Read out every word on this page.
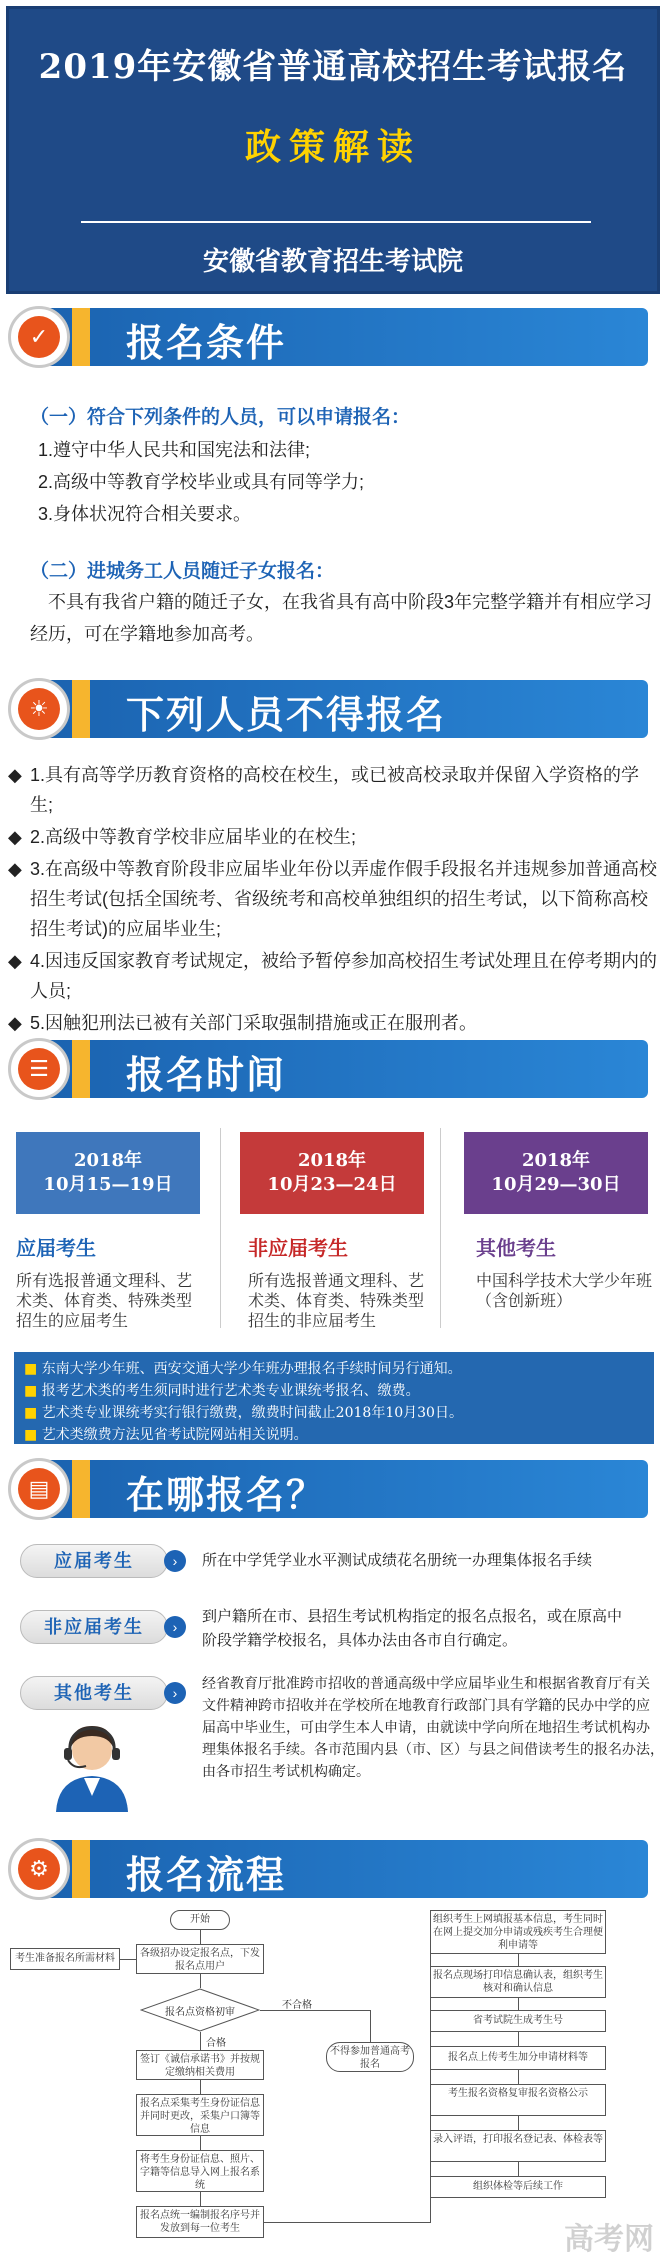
2019年安徽省普通高校招生考试报名
政策解读
安徽省教育招生考试院
✓	报名条件
（一）符合下列条件的人员，可以申请报名：
1.遵守中华人民共和国宪法和法律;
2.高级中等教育学校毕业或具有同等学力;
3.身体状况符合相关要求。
（二）进城务工人员随迁子女报名：
不具有我省户籍的随迁子女，在我省具有高中阶段3年完整学籍并有相应学习
经历，可在学籍地参加高考。
☀ 下列人员不得报名
◆ 1.具有高等学历教育资格的高校在校生，或已被高校录取并保留入学资格的学生;
◆ 2.高级中等教育学校非应届毕业的在校生;
◆ 3.在高级中等教育阶段非应届毕业年份以弄虚作假手段报名并违规参加普通高校
招生考试(包括全国统考、省级统考和高校单独组织的招生考试，以下简称高校
招生考试)的应届毕业生;
◆ 4.因违反国家教育考试规定，被给予暂停参加高校招生考试处理且在停考期内的
人员;
◆ 5.因触犯刑法已被有关部门采取强制措施或正在服刑者。
☰ 报名时间
2018年
10月15—19日
应届考生
所有选报普通文理科、艺
术类、体育类、特殊类型
招生的应届考生
2018年
10月23—24日
非应届考生
所有选报普通文理科、艺
术类、体育类、特殊类型
招生的非应届考生
2018年
10月29—30日
其他考生
中国科学技术大学少年班
（含创新班）
■ 东南大学少年班、西安交通大学少年班办理报名手续时间另行通知。
■ 报考艺术类的考生须同时进行艺术类专业课统考报名、缴费。
■ 艺术类专业课统考实行银行缴费，缴费时间截止2018年10月30日。
■ 艺术类缴费方法见省考试院网站相关说明。
▤ 在哪报名？
应届考生	›	所在中学凭学业水平测试成绩花名册统一办理集体报名手续
非应届考生	›
到户籍所在市、县招生考试机构指定的报名点报名，或在原高中
阶段学籍学校报名，具体办法由各市自行确定。
其他考生	›
经省教育厅批准跨市招收的普通高级中学应届毕业生和根据省教育厅有关
文件精神跨市招收并在学校所在地教育行政部门具有学籍的民办中学的应
届高中毕业生，可由学生本人申请，由就读中学向所在地招生考试机构办
理集体报名手续。各市范围内县（市、区）与县之间借读考生的报名办法，
由各市招生考试机构确定。
⚙ 报名流程
开始
各级招办设定报名点，下发报名点用户
考生准备报名所需材料
报名点资格初审
不合格
不得参加普通高考报名
合格
签订《诚信承诺书》并按规定缴纳相关费用
报名点采集考生身份证信息并同时更改，采集户口簿等信息
将考生身份证信息、照片、字籍等信息导入网上报名系统
报名点统一编制报名序号并发放到每一位考生
组织考生上网填报基本信息，考生同时在网上提交加分申请或残疾考生合理便利申请等
报名点现场打印信息确认表，组织考生核对和确认信息
省考试院生成考生号
报名点上传考生加分申请材料等
考生报名资格复审报名资格公示
录入评语，打印报名登记表、体检表等
组织体检等后续工作
高考网
